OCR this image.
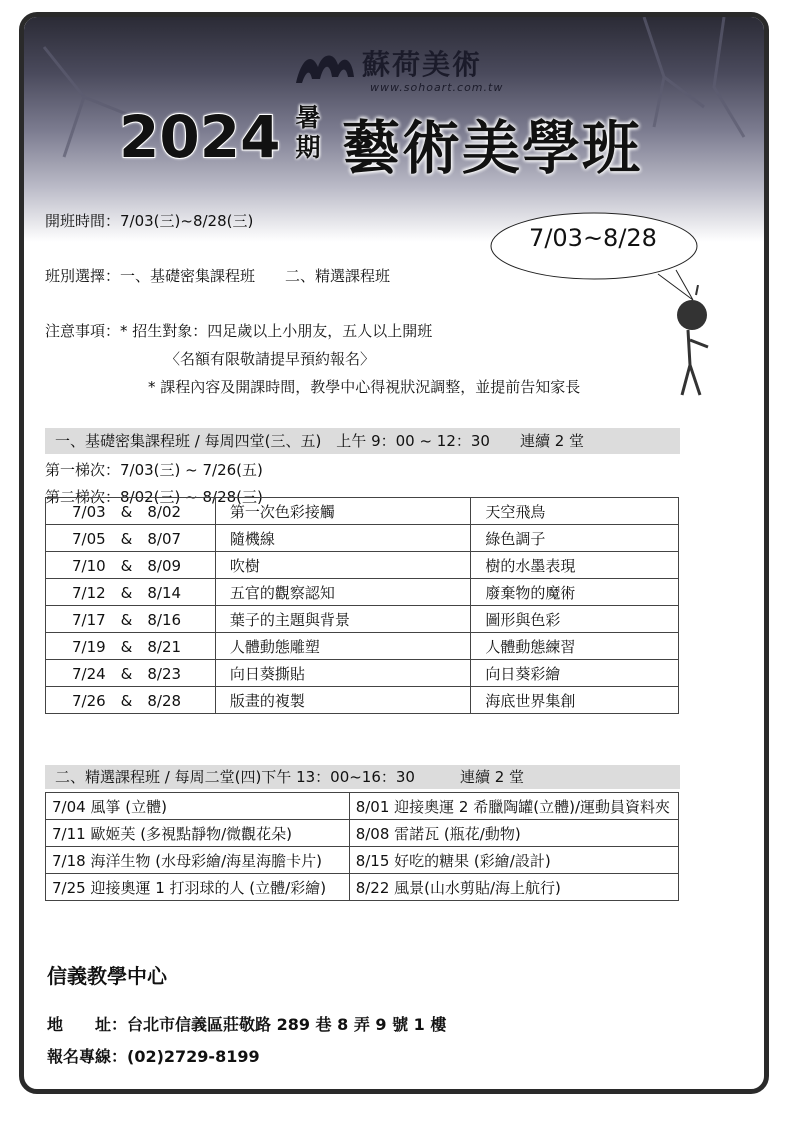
蘇荷美術
www.sohoart.com.tw
2024 暑
期 藝術美學班
開班時間：7/03(三)~8/28(三)
班別選擇：一、基礎密集課程班　　二、精選課程班
注意事項：* 招生對象：四足歲以上小朋友，五人以上開班
〈名額有限敬請提早預約報名〉
* 課程內容及開課時間，教學中心得視狀況調整，並提前告知家長
7/03~8/28
一、基礎密集課程班 / 每周四堂(三、五)　上午 9：00 ~ 12：30　　連續 2 堂
第一梯次：7/03(三) ~ 7/26(五)
第二梯次：8/02(三) ~ 8/28(三)
7/03　&　8/02	第一次色彩接觸	天空飛鳥
7/05　&　8/07	隨機線	綠色調子
7/10　&　8/09	吹樹	樹的水墨表現
7/12　&　8/14	五官的觀察認知	廢棄物的魔術
7/17　&　8/16	葉子的主題與背景	圖形與色彩
7/19　&　8/21	人體動態雕塑	人體動態練習
7/24　&　8/23	向日葵撕貼	向日葵彩繪
7/26　&　8/28	版畫的複製	海底世界集創
二、精選課程班 / 每周二堂(四)下午 13：00~16：30　　　連續 2 堂
7/04 風箏 (立體)	8/01 迎接奧運 2 希臘陶罐(立體)/運動員資料夾
7/11 歐姬芙 (多視點靜物/微觀花朵)	8/08 雷諾瓦 (瓶花/動物)
7/18 海洋生物 (水母彩繪/海星海膽卡片)	8/15 好吃的糖果 (彩繪/設計)
7/25 迎接奧運 1 打羽球的人 (立體/彩繪)	8/22 風景(山水剪貼/海上航行)
信義教學中心
地　　址：台北市信義區莊敬路 289 巷 8 弄 9 號 1 樓
報名專線：(02)2729-8199
